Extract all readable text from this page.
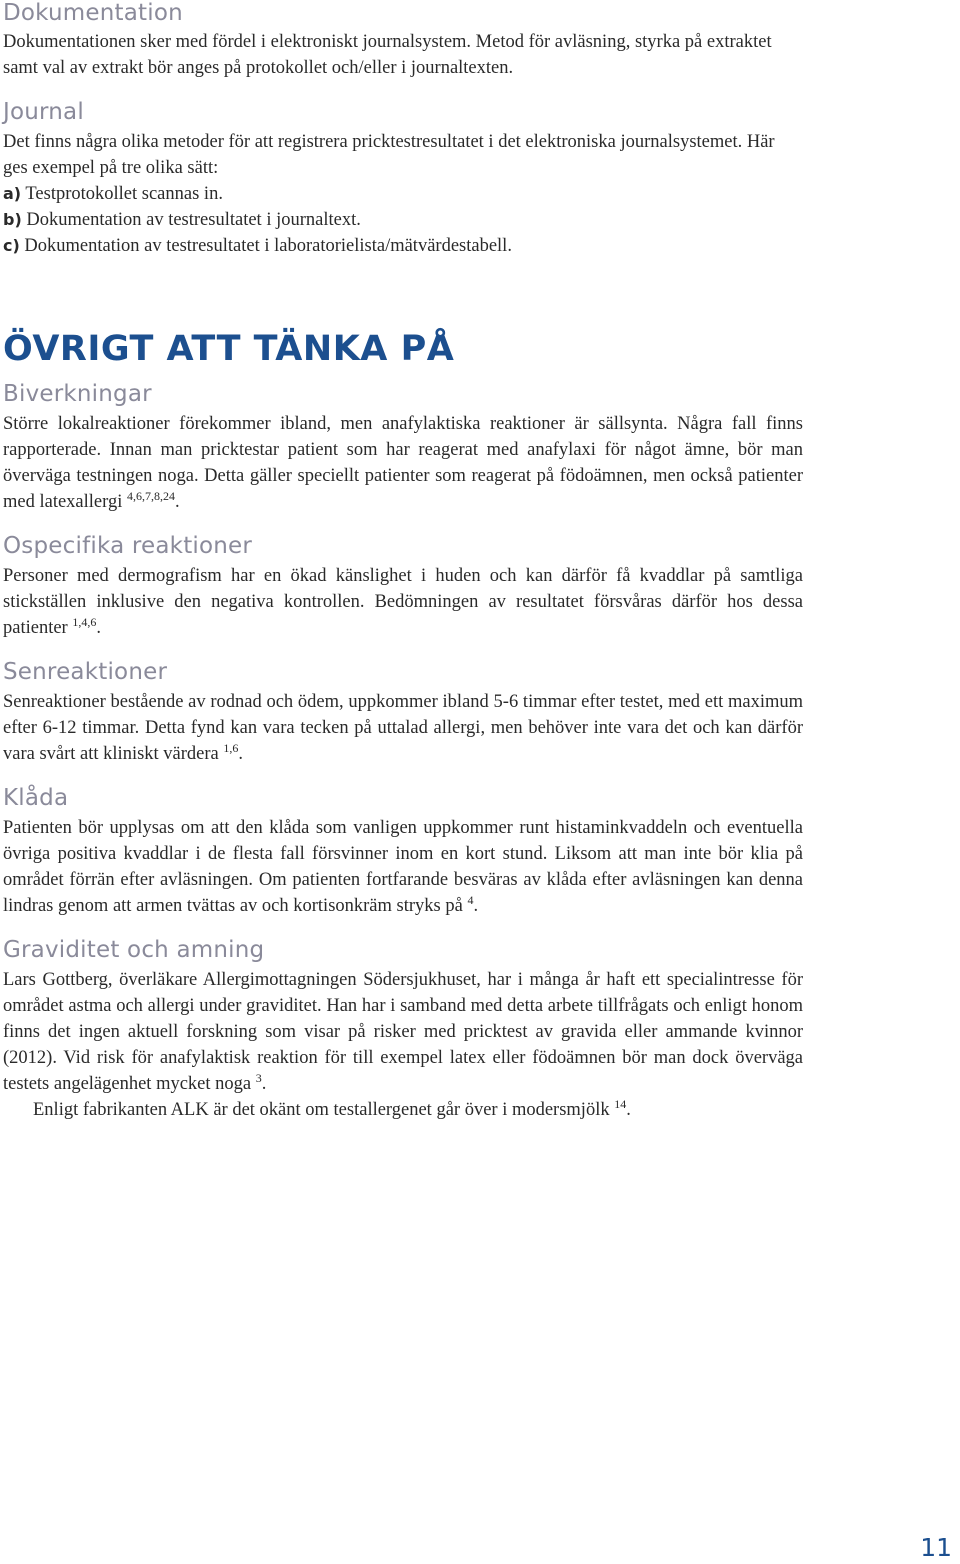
Dokumentation

Dokumentationen sker med fördel i elektroniskt journalsystem. Metod för avläsning, styrka på extraktet samt val av extrakt bör anges på protokollet och/eller i journaltexten.

Journal

Det finns några olika metoder för att registrera pricktestresultatet i det elektroniska journalsystemet. Här ges exempel på tre olika sätt:

a) Testprotokollet scannas in.

b) Dokumentation av testresultatet i journaltext.

c) Dokumentation av testresultatet i laboratorielista/mätvärdestabell.

ÖVRIGT ATT TÄNKA PÅ
Biverkningar

Större lokalreaktioner förekommer ibland, men anafylaktiska reaktioner är sällsynta. Några fall finns rapporterade. Innan man pricktestar patient som har reagerat med anafylaxi för något ämne, bör man överväga testningen noga. Detta gäller speciellt patienter som reagerat på födoämnen, men också patienter med latexallergi $^{4,6,7,8,24}$.

Ospecifika reaktioner

Personer med dermografism har en ökad känslighet i huden och kan därför få kvaddlar på samtliga stickställen inklusive den negativa kontrollen. Bedömningen av resultatet försvåras därför hos dessa patienter $^{1,4,6}$.

Senreaktioner

Senreaktioner bestående av rodnad och ödem, uppkommer ibland 5-6 timmar efter testet, med ett maximum efter 6-12 timmar. Detta fynd kan vara tecken på uttalad allergi, men behöver inte vara det och kan därför vara svårt att kliniskt värdera $^{1,6}$.

Klåda

Patienten bör upplysas om att den klåda som vanligen uppkommer runt histaminkvaddeln och eventuella övriga positiva kvaddlar i de flesta fall försvinner inom en kort stund. Liksom att man inte bör klia på området förrän efter avläsningen. Om patienten fortfarande besväras av klåda efter avläsningen kan denna lindras genom att armen tvättas av och kortisonkräm stryks på $^4$.

Graviditet och amning

Lars Gottberg, överläkare Allergimottagningen Södersjukhuset, har i många år haft ett specialintresse för området astma och allergi under graviditet. Han har i samband med detta arbete tillfrågats och enligt honom finns det ingen aktuell forskning som visar på risker med pricktest av gravida eller ammande kvinnor (2012). Vid risk för anafylaktisk reaktion för till exempel latex eller födoämnen bör man dock överväga testets angelägenhet mycket noga $^3$.

Enligt fabrikanten ALK är det okänt om testallergenet går över i modersmjölk $^{14}$.

11
